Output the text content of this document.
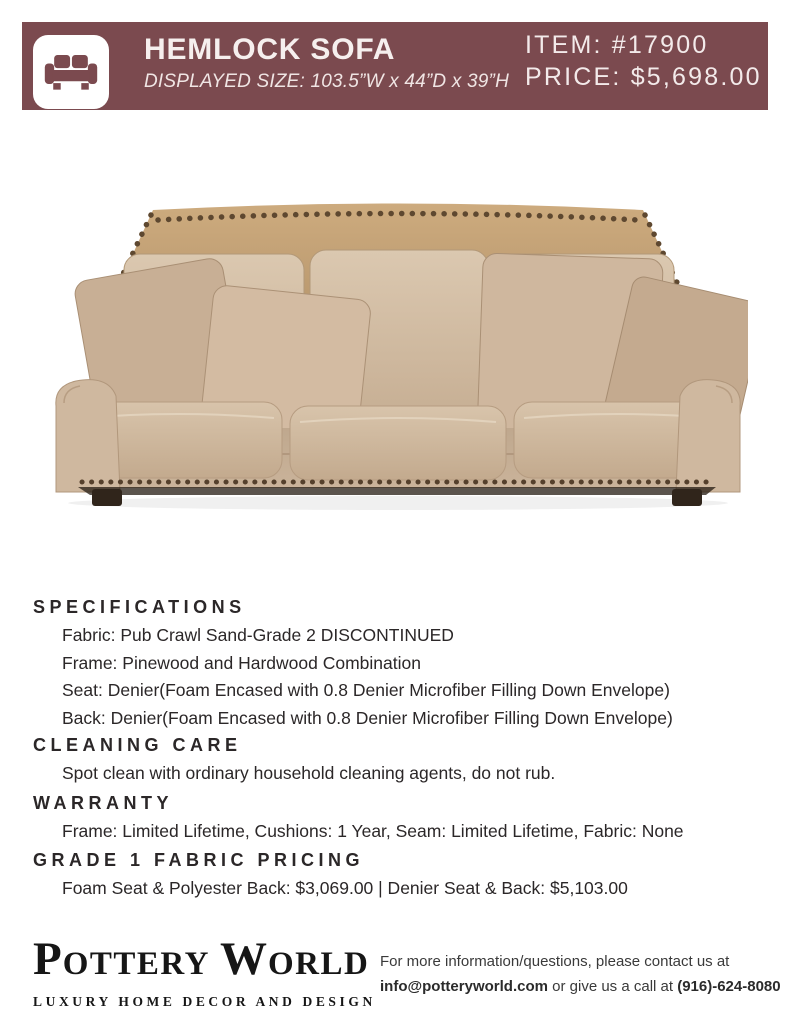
HEMLOCK SOFA
DISPLAYED SIZE: 103.5”W x 44”D x 39”H
ITEM: #17900
PRICE: $5,698.00
SPECIFICATIONS
Fabric: Pub Crawl Sand-Grade 2 DISCONTINUED
Frame: Pinewood and Hardwood Combination
Seat: Denier(Foam Encased with 0.8 Denier Microfiber Filling Down Envelope)
Back: Denier(Foam Encased with 0.8 Denier Microfiber Filling Down Envelope)
CLEANING CARE
Spot clean with ordinary household cleaning agents, do not rub.
WARRANTY
Frame: Limited Lifetime, Cushions: 1 Year, Seam: Limited Lifetime, Fabric: None
GRADE 1 FABRIC PRICING
Foam Seat & Polyester Back: $3,069.00 | Denier Seat & Back: $5,103.00
POTTERY WORLD
LUXURY HOME DECOR AND DESIGN
For more information/questions, please contact us at
info@potteryworld.com or give us a call at (916)-624-8080
